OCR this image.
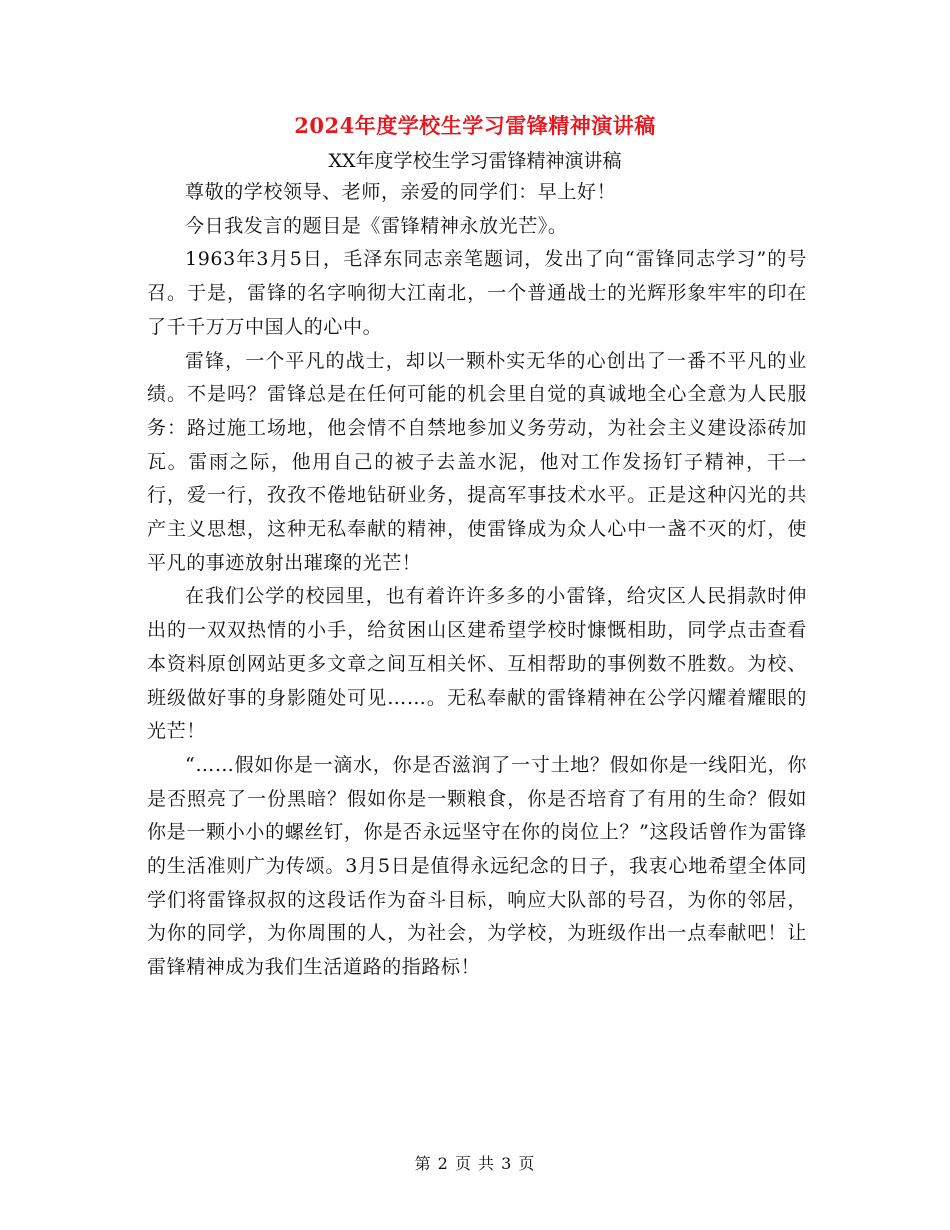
2024年度学校生学习雷锋精神演讲稿
XX年度学校生学习雷锋精神演讲稿

尊敬的学校领导、老师，亲爱的同学们：早上好！

今日我发言的题目是《雷锋精神永放光芒》。

1963年3月5日，毛泽东同志亲笔题词，发出了向“雷锋同志学习”的号召。于是，雷锋的名字响彻大江南北，一个普通战士的光辉形象牢牢的印在了千千万万中国人的心中。

雷锋，一个平凡的战士，却以一颗朴实无华的心创出了一番不平凡的业绩。不是吗？雷锋总是在任何可能的机会里自觉的真诚地全心全意为人民服务：路过施工场地，他会情不自禁地参加义务劳动，为社会主义建设添砖加瓦。雷雨之际，他用自己的被子去盖水泥，他对工作发扬钉子精神，干一行，爱一行，孜孜不倦地钻研业务，提高军事技术水平。正是这种闪光的共产主义思想，这种无私奉献的精神，使雷锋成为众人心中一盏不灭的灯，使平凡的事迹放射出璀璨的光芒！

在我们公学的校园里，也有着许许多多的小雷锋，给灾区人民捐款时伸出的一双双热情的小手，给贫困山区建希望学校时慷慨相助，同学点击查看本资料原创网站更多文章之间互相关怀、互相帮助的事例数不胜数。为校、班级做好事的身影随处可见……。无私奉献的雷锋精神在公学闪耀着耀眼的光芒！

“……假如你是一滴水，你是否滋润了一寸土地？假如你是一线阳光，你是否照亮了一份黑暗？假如你是一颗粮食，你是否培育了有用的生命？假如你是一颗小小的螺丝钉，你是否永远坚守在你的岗位上？”这段话曾作为雷锋的生活准则广为传颂。3月5日是值得永远纪念的日子，我衷心地希望全体同学们将雷锋叔叔的这段话作为奋斗目标，响应大队部的号召，为你的邻居，为你的同学，为你周围的人，为社会，为学校，为班级作出一点奉献吧！让雷锋精神成为我们生活道路的指路标！

第 2 页 共 3 页
